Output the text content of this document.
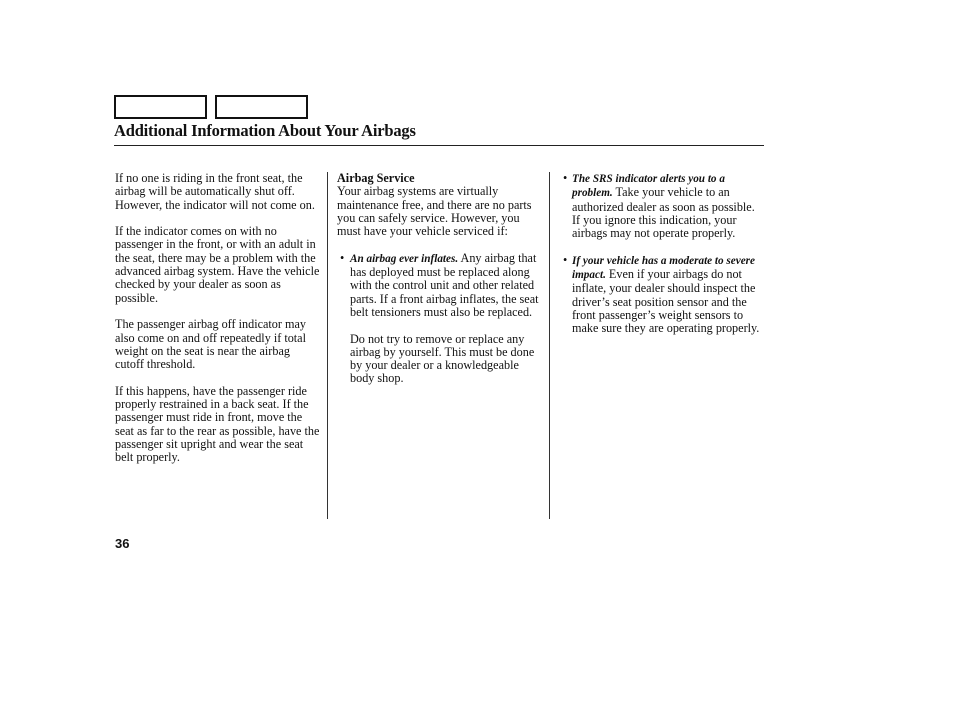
Additional Information About Your Airbags

If no one is riding in the front seat, the airbag will be automatically shut off. However, the indicator will not come on.

If the indicator comes on with no passenger in the front, or with an adult in the seat, there may be a problem with the advanced airbag system. Have the vehicle checked by your dealer as soon as possible.

The passenger airbag off indicator may also come on and off repeatedly if total weight on the seat is near the airbag cutoff threshold.

If this happens, have the passenger ride properly restrained in a back seat. If the passenger must ride in front, move the seat as far to the rear as possible, have the passenger sit upright and wear the seat belt properly.

Airbag Service

Your airbag systems are virtually maintenance free, and there are no parts you can safely service. However, you must have your vehicle serviced if:

• An airbag ever inflates. Any airbag that has deployed must be replaced along with the control unit and other related parts. If a front airbag inflates, the seat belt tensioners must also be replaced.

Do not try to remove or replace any airbag by yourself. This must be done by your dealer or a knowledgeable body shop.

• The SRS indicator alerts you to a problem. Take your vehicle to an authorized dealer as soon as possible. If you ignore this indication, your airbags may not operate properly.

• If your vehicle has a moderate to severe impact. Even if your airbags do not inflate, your dealer should inspect the driver’s seat position sensor and the front passenger’s weight sensors to make sure they are operating properly.

36
